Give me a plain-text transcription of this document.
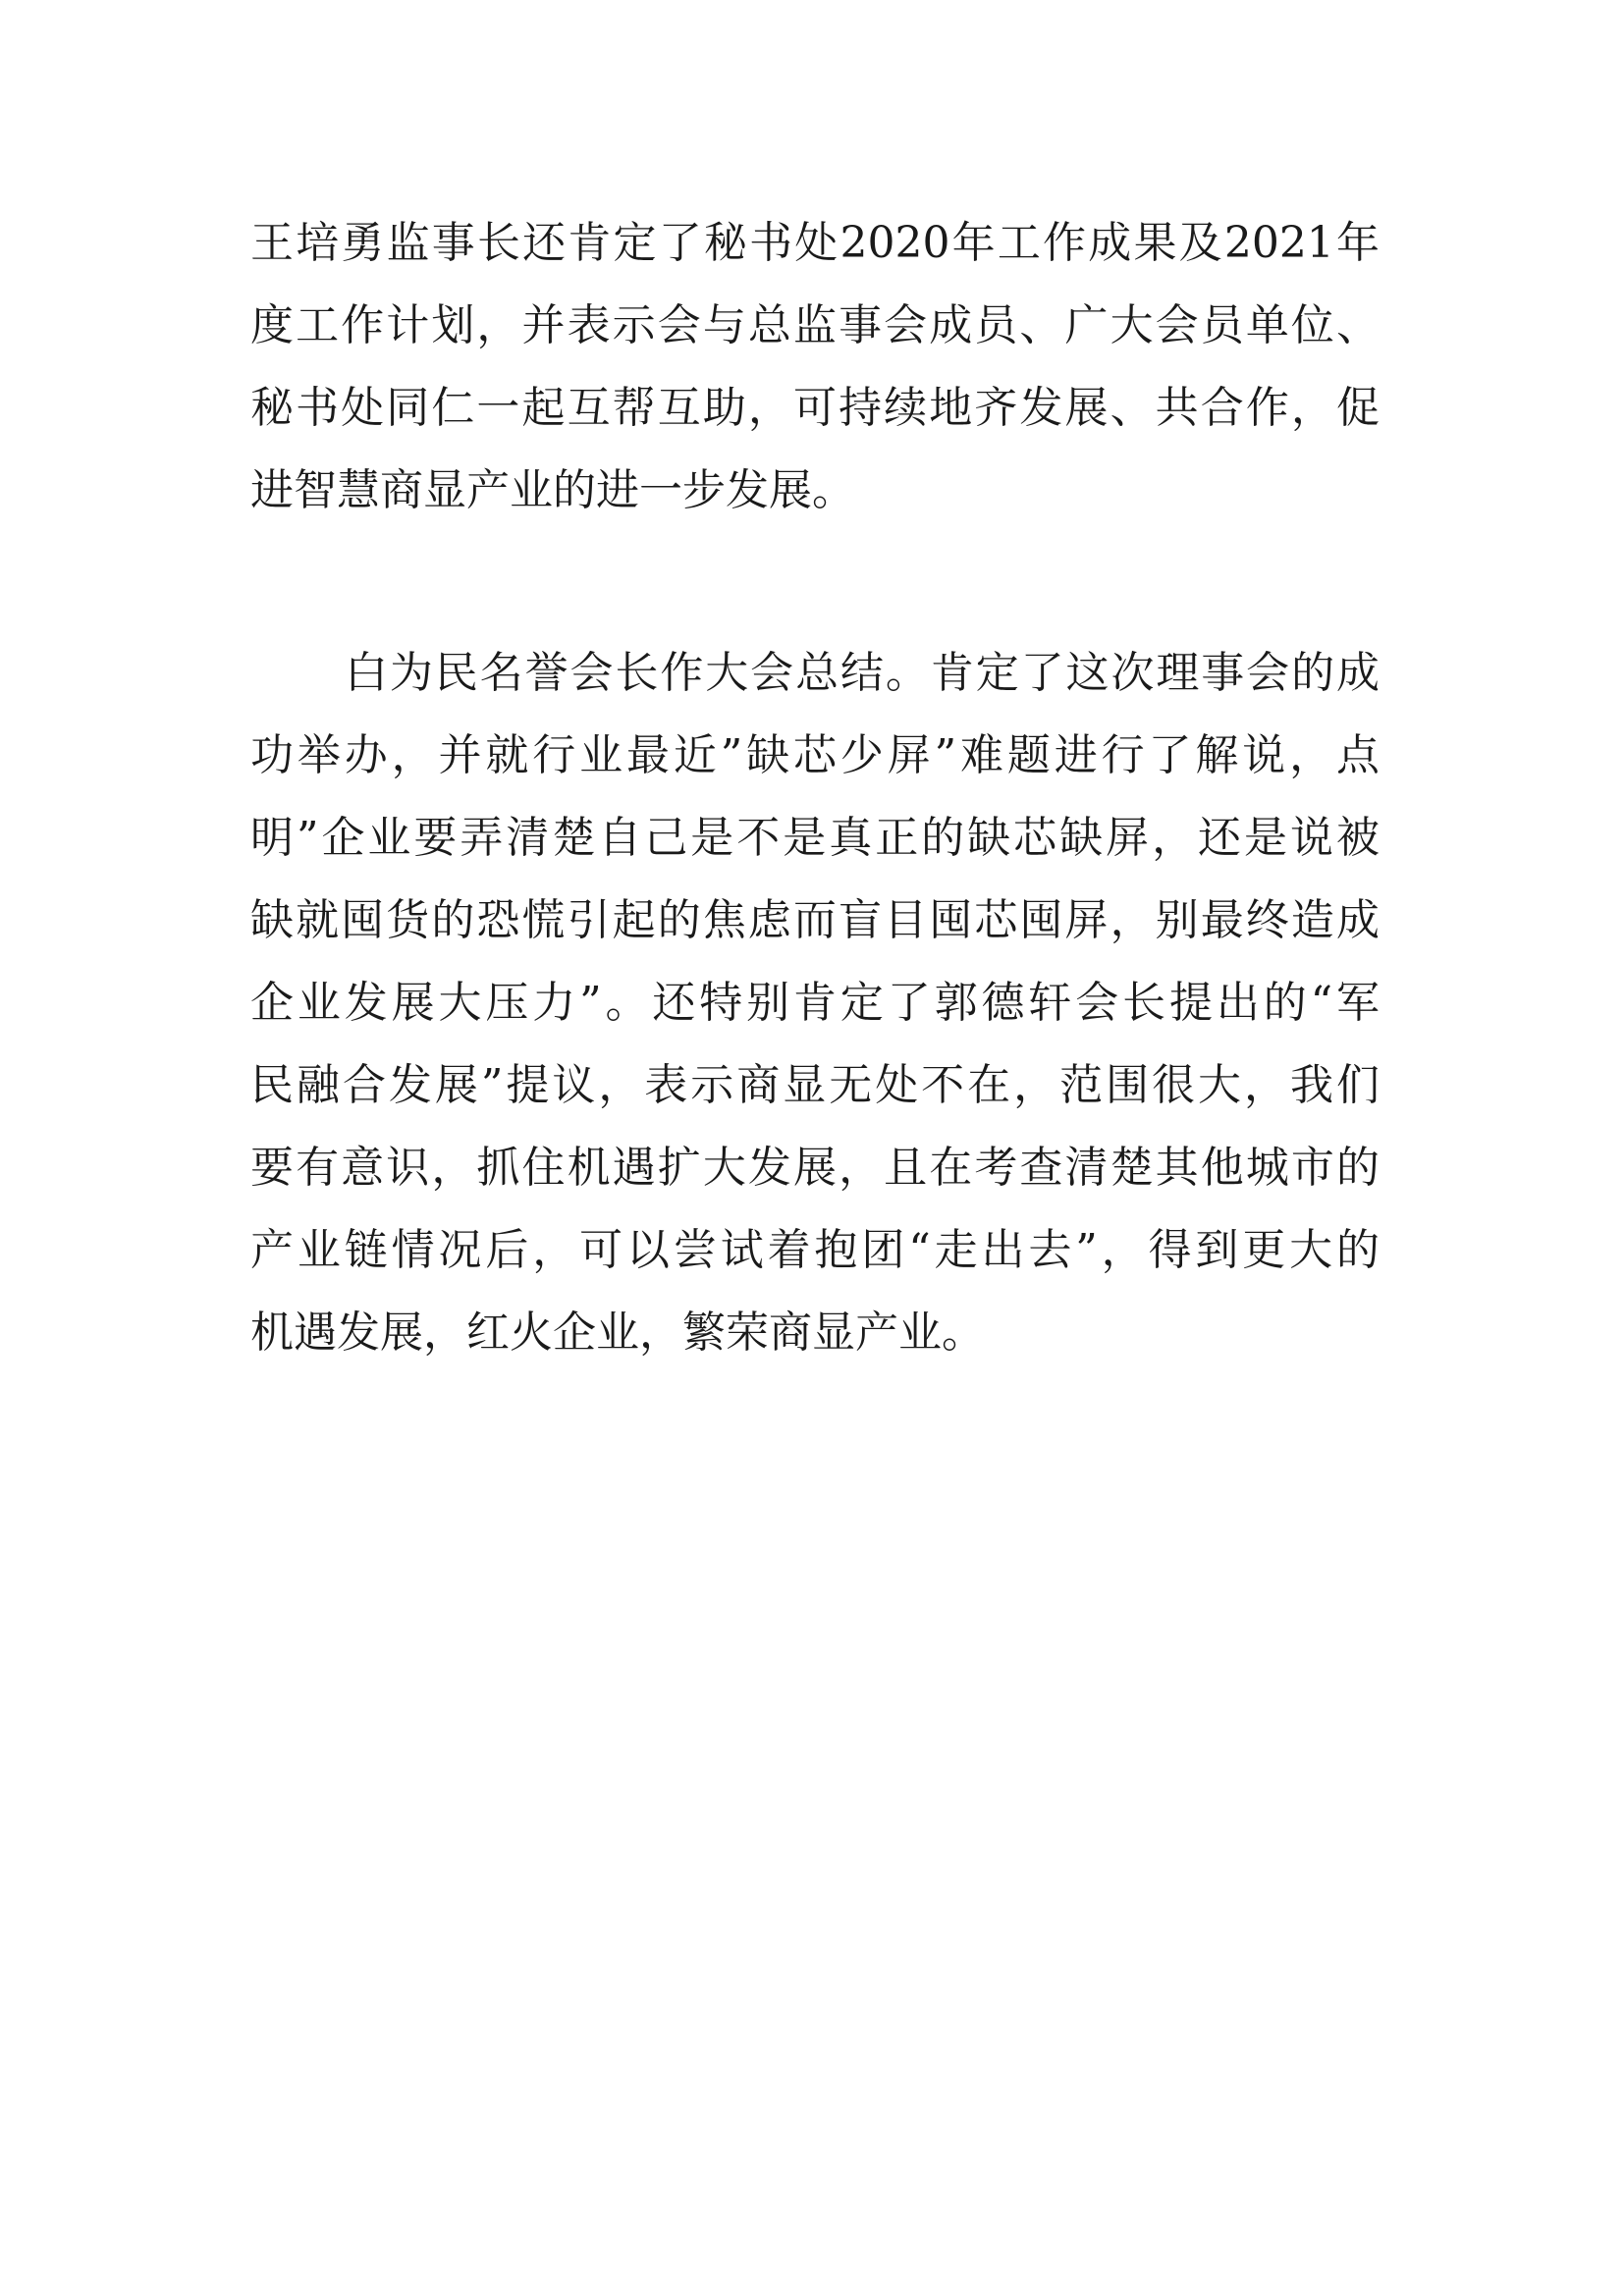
王培勇监事长还肯定了秘书处2020年工作成果及2021年
度工作计划，并表示会与总监事会成员、广大会员单位、
秘书处同仁一起互帮互助，可持续地齐发展、共合作，促
进智慧商显产业的进一步发展。
白为民名誉会长作大会总结。肯定了这次理事会的成
功举办，并就行业最近”缺芯少屏”难题进行了解说，点
明”企业要弄清楚自己是不是真正的缺芯缺屏，还是说被
缺就囤货的恐慌引起的焦虑而盲目囤芯囤屏，别最终造成
企业发展大压力”。还特别肯定了郭德轩会长提出的“军
民融合发展”提议，表示商显无处不在，范围很大，我们
要有意识，抓住机遇扩大发展，且在考查清楚其他城市的
产业链情况后，可以尝试着抱团“走出去”，得到更大的
机遇发展，红火企业，繁荣商显产业。
